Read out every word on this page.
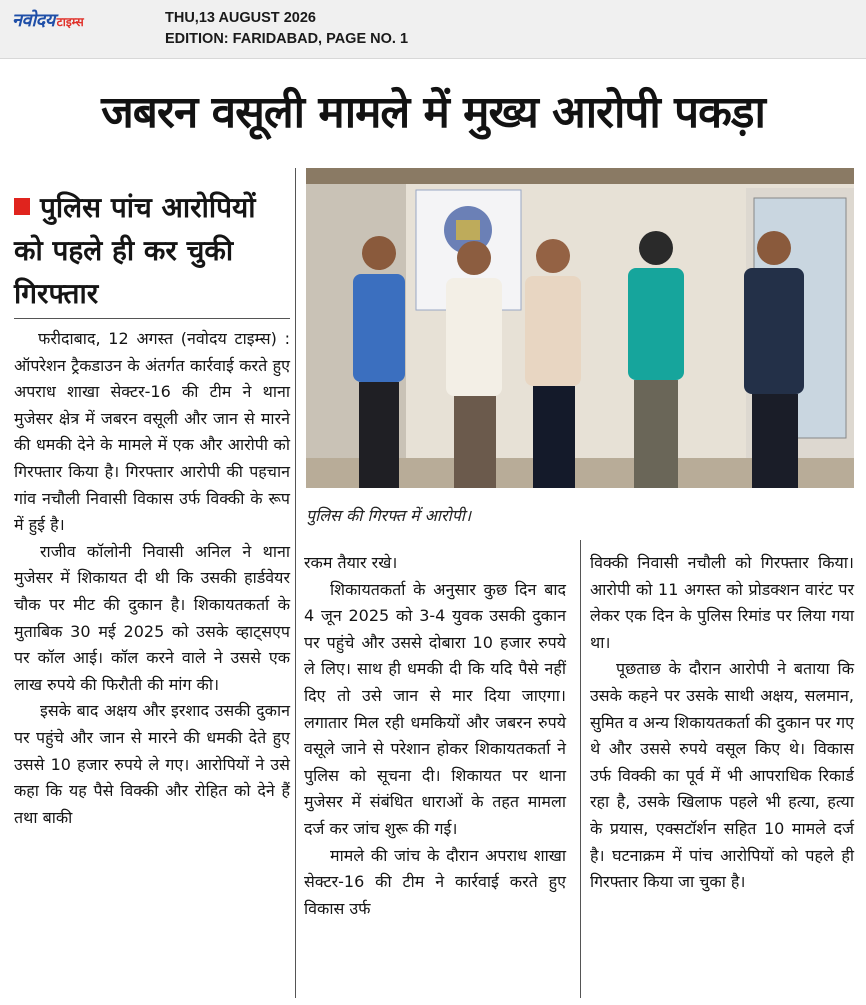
नवोदय टाइम्स	THU,13 AUGUST 2026
EDITION: FARIDABAD, PAGE NO. 1
जबरन वसूली मामले में मुख्य आरोपी पकड़ा
पुलिस पांच आरोपियों को पहले ही कर चुकी गिरफ्तार
पुलिस की गिरफ्त में आरोपी।

फरीदाबाद, 12 अगस्त (नवोदय टाइम्स) : ऑपरेशन ट्रैकडाउन के अंतर्गत कार्रवाई करते हुए अपराध शाखा सेक्टर-16 की टीम ने थाना मुजेसर क्षेत्र में जबरन वसूली और जान से मारने की धमकी देने के मामले में एक और आरोपी को गिरफ्तार किया है। गिरफ्तार आरोपी की पहचान गांव नचौली निवासी विकास उर्फ विक्की के रूप में हुई है।

राजीव कॉलोनी निवासी अनिल ने थाना मुजेसर में शिकायत दी थी कि उसकी हार्डवेयर चौक पर मीट की दुकान है। शिकायतकर्ता के मुताबिक 30 मई 2025 को उसके व्हाट्सएप पर कॉल आई। कॉल करने वाले ने उससे एक लाख रुपये की फिरौती की मांग की।

इसके बाद अक्षय और इरशाद उसकी दुकान पर पहुंचे और जान से मारने की धमकी देते हुए उससे 10 हजार रुपये ले गए। आरोपियों ने उसे कहा कि यह पैसे विक्की और रोहित को देने हैं तथा बाकी

रकम तैयार रखे।

शिकायतकर्ता के अनुसार कुछ दिन बाद 4 जून 2025 को 3-4 युवक उसकी दुकान पर पहुंचे और उससे दोबारा 10 हजार रुपये ले लिए। साथ ही धमकी दी कि यदि पैसे नहीं दिए तो उसे जान से मार दिया जाएगा। लगातार मिल रही धमकियों और जबरन रुपये वसूले जाने से परेशान होकर शिकायतकर्ता ने पुलिस को सूचना दी। शिकायत पर थाना मुजेसर में संबंधित धाराओं के तहत मामला दर्ज कर जांच शुरू की गई।

मामले की जांच के दौरान अपराध शाखा सेक्टर-16 की टीम ने कार्रवाई करते हुए विकास उर्फ

विक्की निवासी नचौली को गिरफ्तार किया। आरोपी को 11 अगस्त को प्रोडक्शन वारंट पर लेकर एक दिन के पुलिस रिमांड पर लिया गया था।

पूछताछ के दौरान आरोपी ने बताया कि उसके कहने पर उसके साथी अक्षय, सलमान, सुमित व अन्य शिकायतकर्ता की दुकान पर गए थे और उससे रुपये वसूल किए थे। विकास उर्फ विक्की का पूर्व में भी आपराधिक रिकार्ड रहा है, उसके खिलाफ पहले भी हत्या, हत्या के प्रयास, एक्सटॉर्शन सहित 10 मामले दर्ज है। घटनाक्रम में पांच आरोपियों को पहले ही गिरफ्तार किया जा चुका है।
